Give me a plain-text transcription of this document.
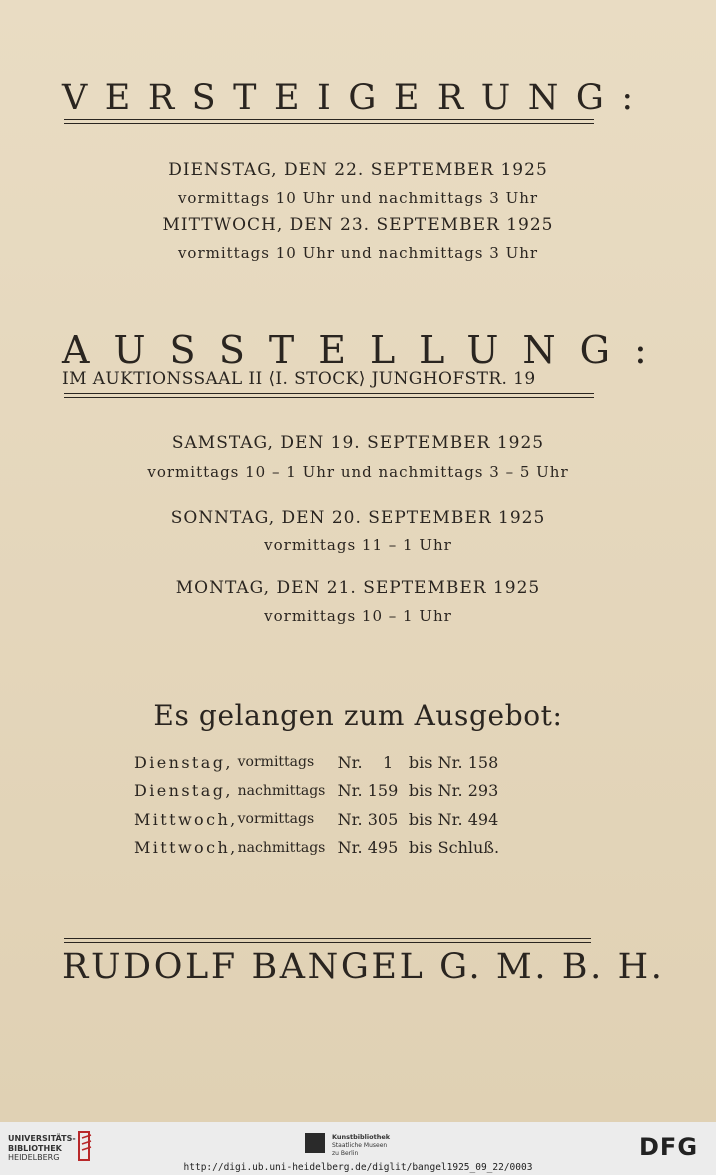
VERSTEIGERUNG:
DIENSTAG, DEN 22. SEPTEMBER 1925
vormittags 10 Uhr und nachmittags 3 Uhr
MITTWOCH, DEN 23. SEPTEMBER 1925
vormittags 10 Uhr und nachmittags 3 Uhr
AUSSTELLUNG:
IM AUKTIONSSAAL II ⟨I. STOCK⟩ JUNGHOFSTR. 19
SAMSTAG, DEN 19. SEPTEMBER 1925
vormittags 10 – 1 Uhr und nachmittags 3 – 5 Uhr
SONNTAG, DEN 20. SEPTEMBER 1925
vormittags 11 – 1 Uhr
MONTAG, DEN 21. SEPTEMBER 1925
vormittags 10 – 1 Uhr
Es gelangen zum Ausgebot:
Dienstag,	vormittags	Nr.    1	bis	Nr. 158
Dienstag,	nachmittags	Nr. 159	bis	Nr. 293
Mittwoch,	vormittags	Nr. 305	bis	Nr. 494
Mittwoch,	nachmittags	Nr. 495	bis	Schluß.
RUDOLF BANGEL G. M. B. H.
UNIVERSITÄTS-
BIBLIOTHEK
HEIDELBERG
Kunstbibliothek
Staatliche Museen zu Berlin	DFG
http://digi.ub.uni-heidelberg.de/diglit/bangel1925_09_22/0003
